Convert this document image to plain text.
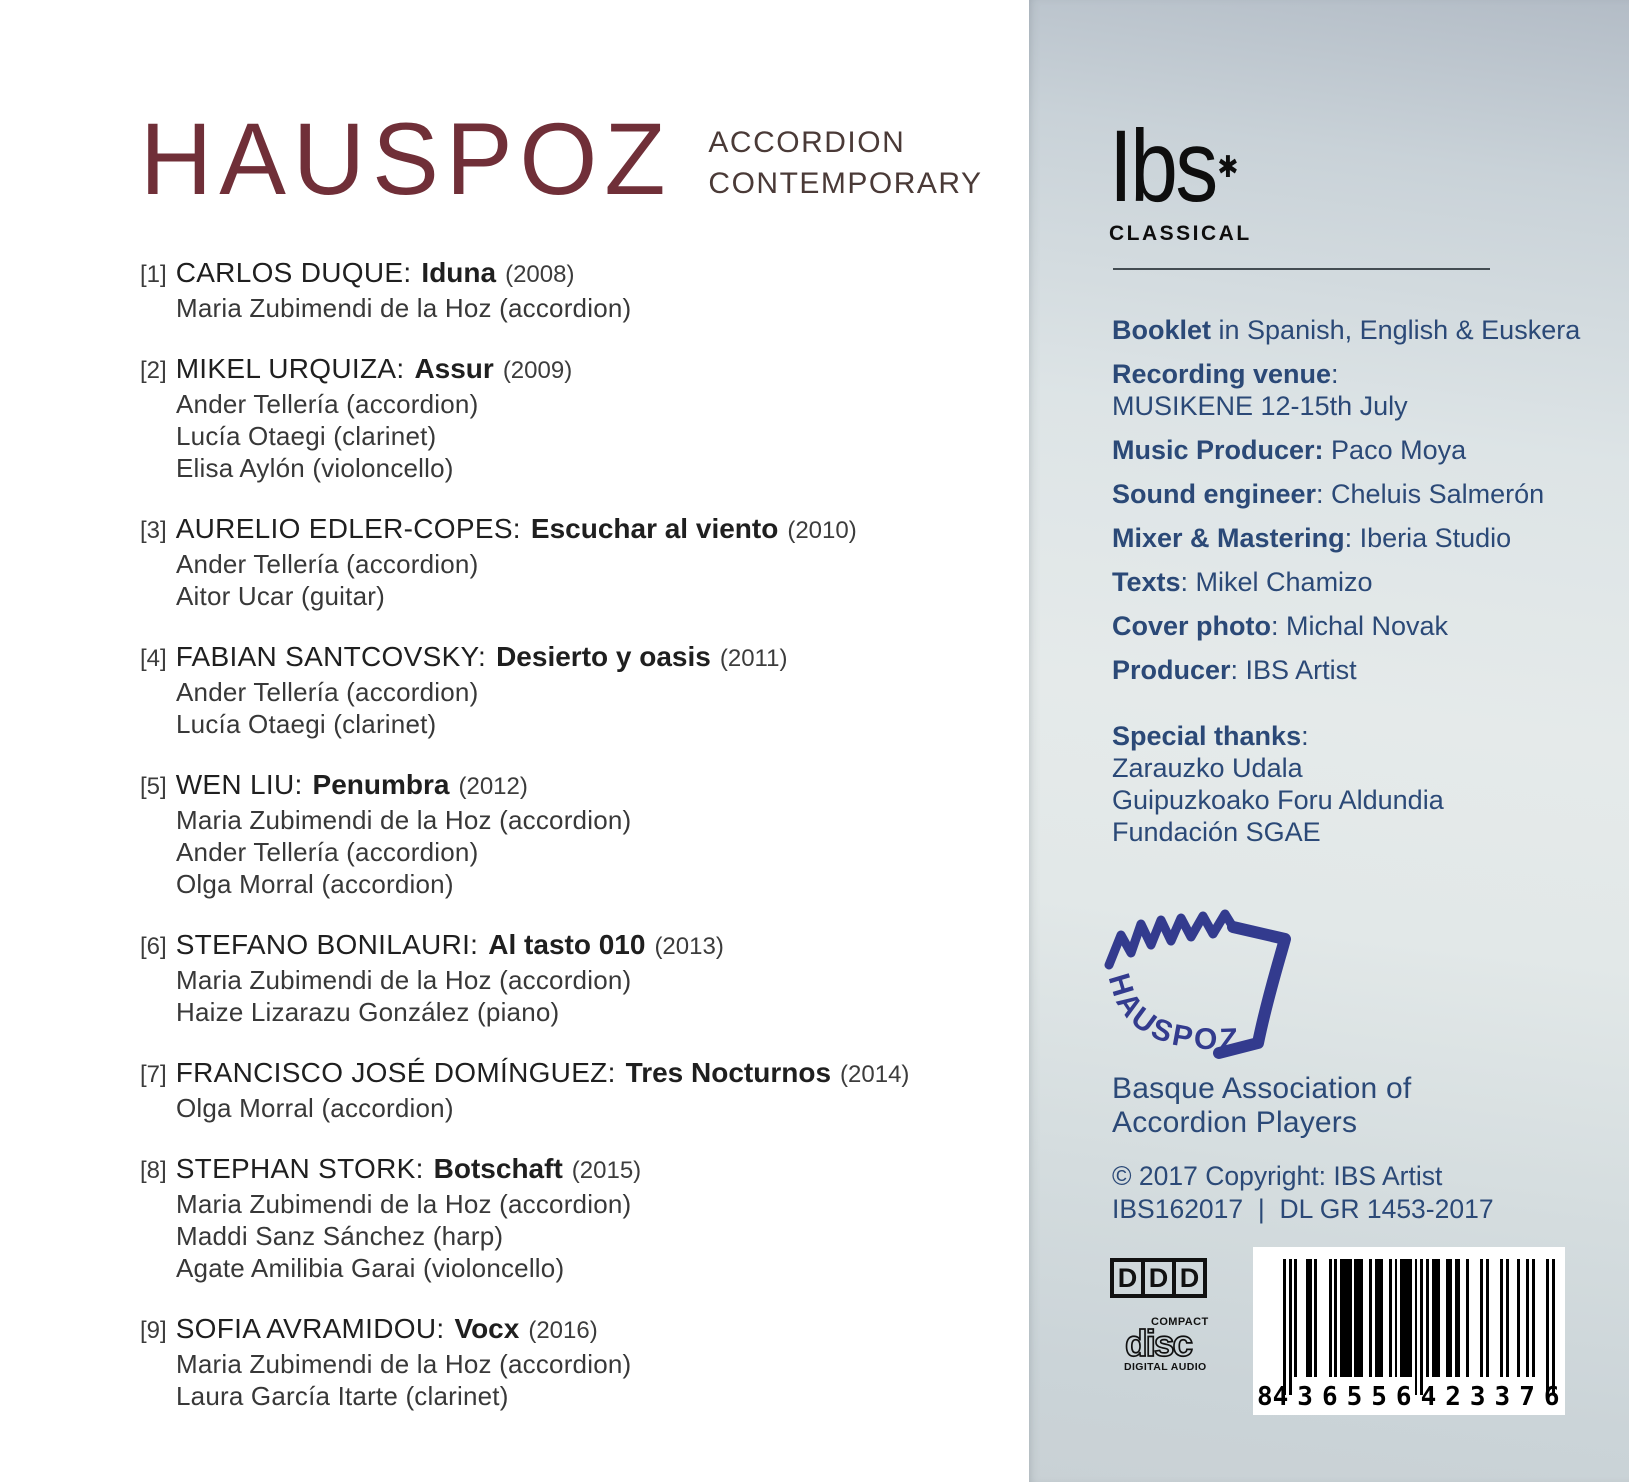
HAUSPOZ ACCORDION
CONTEMPORARY
[1] CARLOS DUQUE: Iduna (2008)
Maria Zubimendi de la Hoz (accordion)
[2] MIKEL URQUIZA: Assur (2009)
Ander Tellería (accordion)
Lucía Otaegi (clarinet)
Elisa Aylón (violoncello)
[3] AURELIO EDLER-COPES: Escuchar al viento (2010)
Ander Tellería (accordion)
Aitor Ucar (guitar)
[4] FABIAN SANTCOVSKY: Desierto y oasis (2011)
Ander Tellería (accordion)
Lucía Otaegi (clarinet)
[5] WEN LIU: Penumbra (2012)
Maria Zubimendi de la Hoz (accordion)
Ander Tellería (accordion)
Olga Morral (accordion)
[6] STEFANO BONILAURI: Al tasto 010 (2013)
Maria Zubimendi de la Hoz (accordion)
Haize Lizarazu González (piano)
[7] FRANCISCO JOSÉ DOMÍNGUEZ: Tres Nocturnos (2014)
Olga Morral (accordion)
[8] STEPHAN STORK: Botschaft (2015)
Maria Zubimendi de la Hoz (accordion)
Maddi Sanz Sánchez (harp)
Agate Amilibia Garai (violoncello)
[9] SOFIA AVRAMIDOU: Vocx (2016)
Maria Zubimendi de la Hoz (accordion)
Laura García Itarte (clarinet)
Ibs✱
CLASSICAL

Booklet in Spanish, English & Euskera

Recording venue:
MUSIKENE 12-15th July

Music Producer: Paco Moya

Sound engineer: Cheluis Salmerón

Mixer & Mastering: Iberia Studio

Texts: Mikel Chamizo

Cover photo: Michal Novak

Producer: IBS Artist

Special thanks:

Zarauzko Udala

Guipuzkoako Foru Aldundia

Fundación SGAE

HAUSPOZ
Basque Association of
Accordion Players
© 2017 Copyright: IBS Artist
IBS162017  |  DL GR 1453-2017
D D D
disc
COMPACT
DIGITAL AUDIO
8 436556 423376
